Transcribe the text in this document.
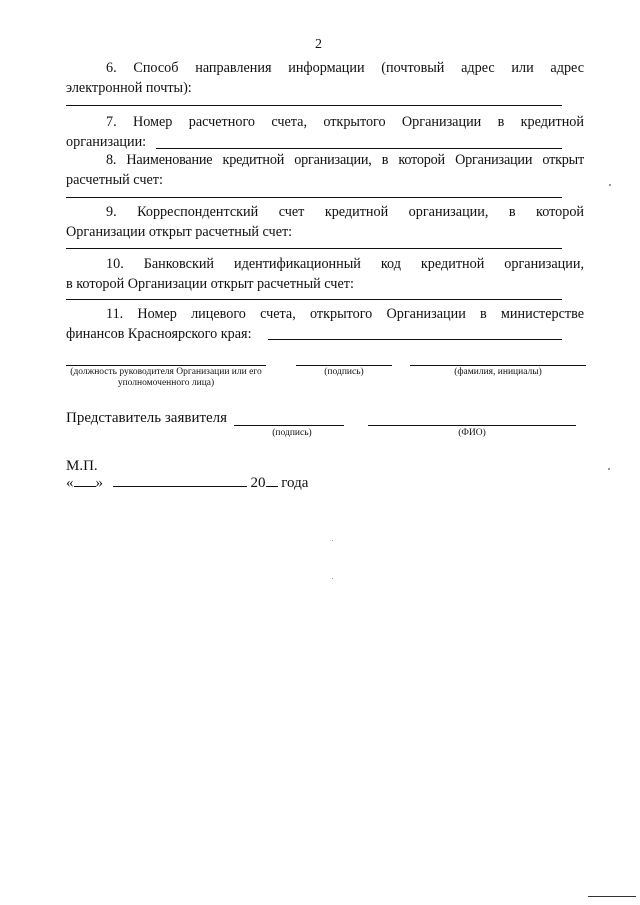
2
6. Способ направления информации (почтовый адрес или адрес
электронной почты):
7. Номер расчетного счета, открытого Организации в кредитной
организации:
8. Наименование кредитной организации, в которой Организации открыт
расчетный счет:
9. Корреспондентский счет кредитной организации, в которой
Организации открыт расчетный счет:
10. Банковский идентификационный код кредитной организации,
в которой Организации открыт расчетный счет:
11. Номер лицевого счета, открытого Организации в министерстве
финансов Красноярского края:
(должность руководителя Организации или его уполномоченного лица)
(подпись)	(фамилия, инициалы)
Представитель заявителя
(подпись)	(ФИО)
М.П.
« »	20 года
